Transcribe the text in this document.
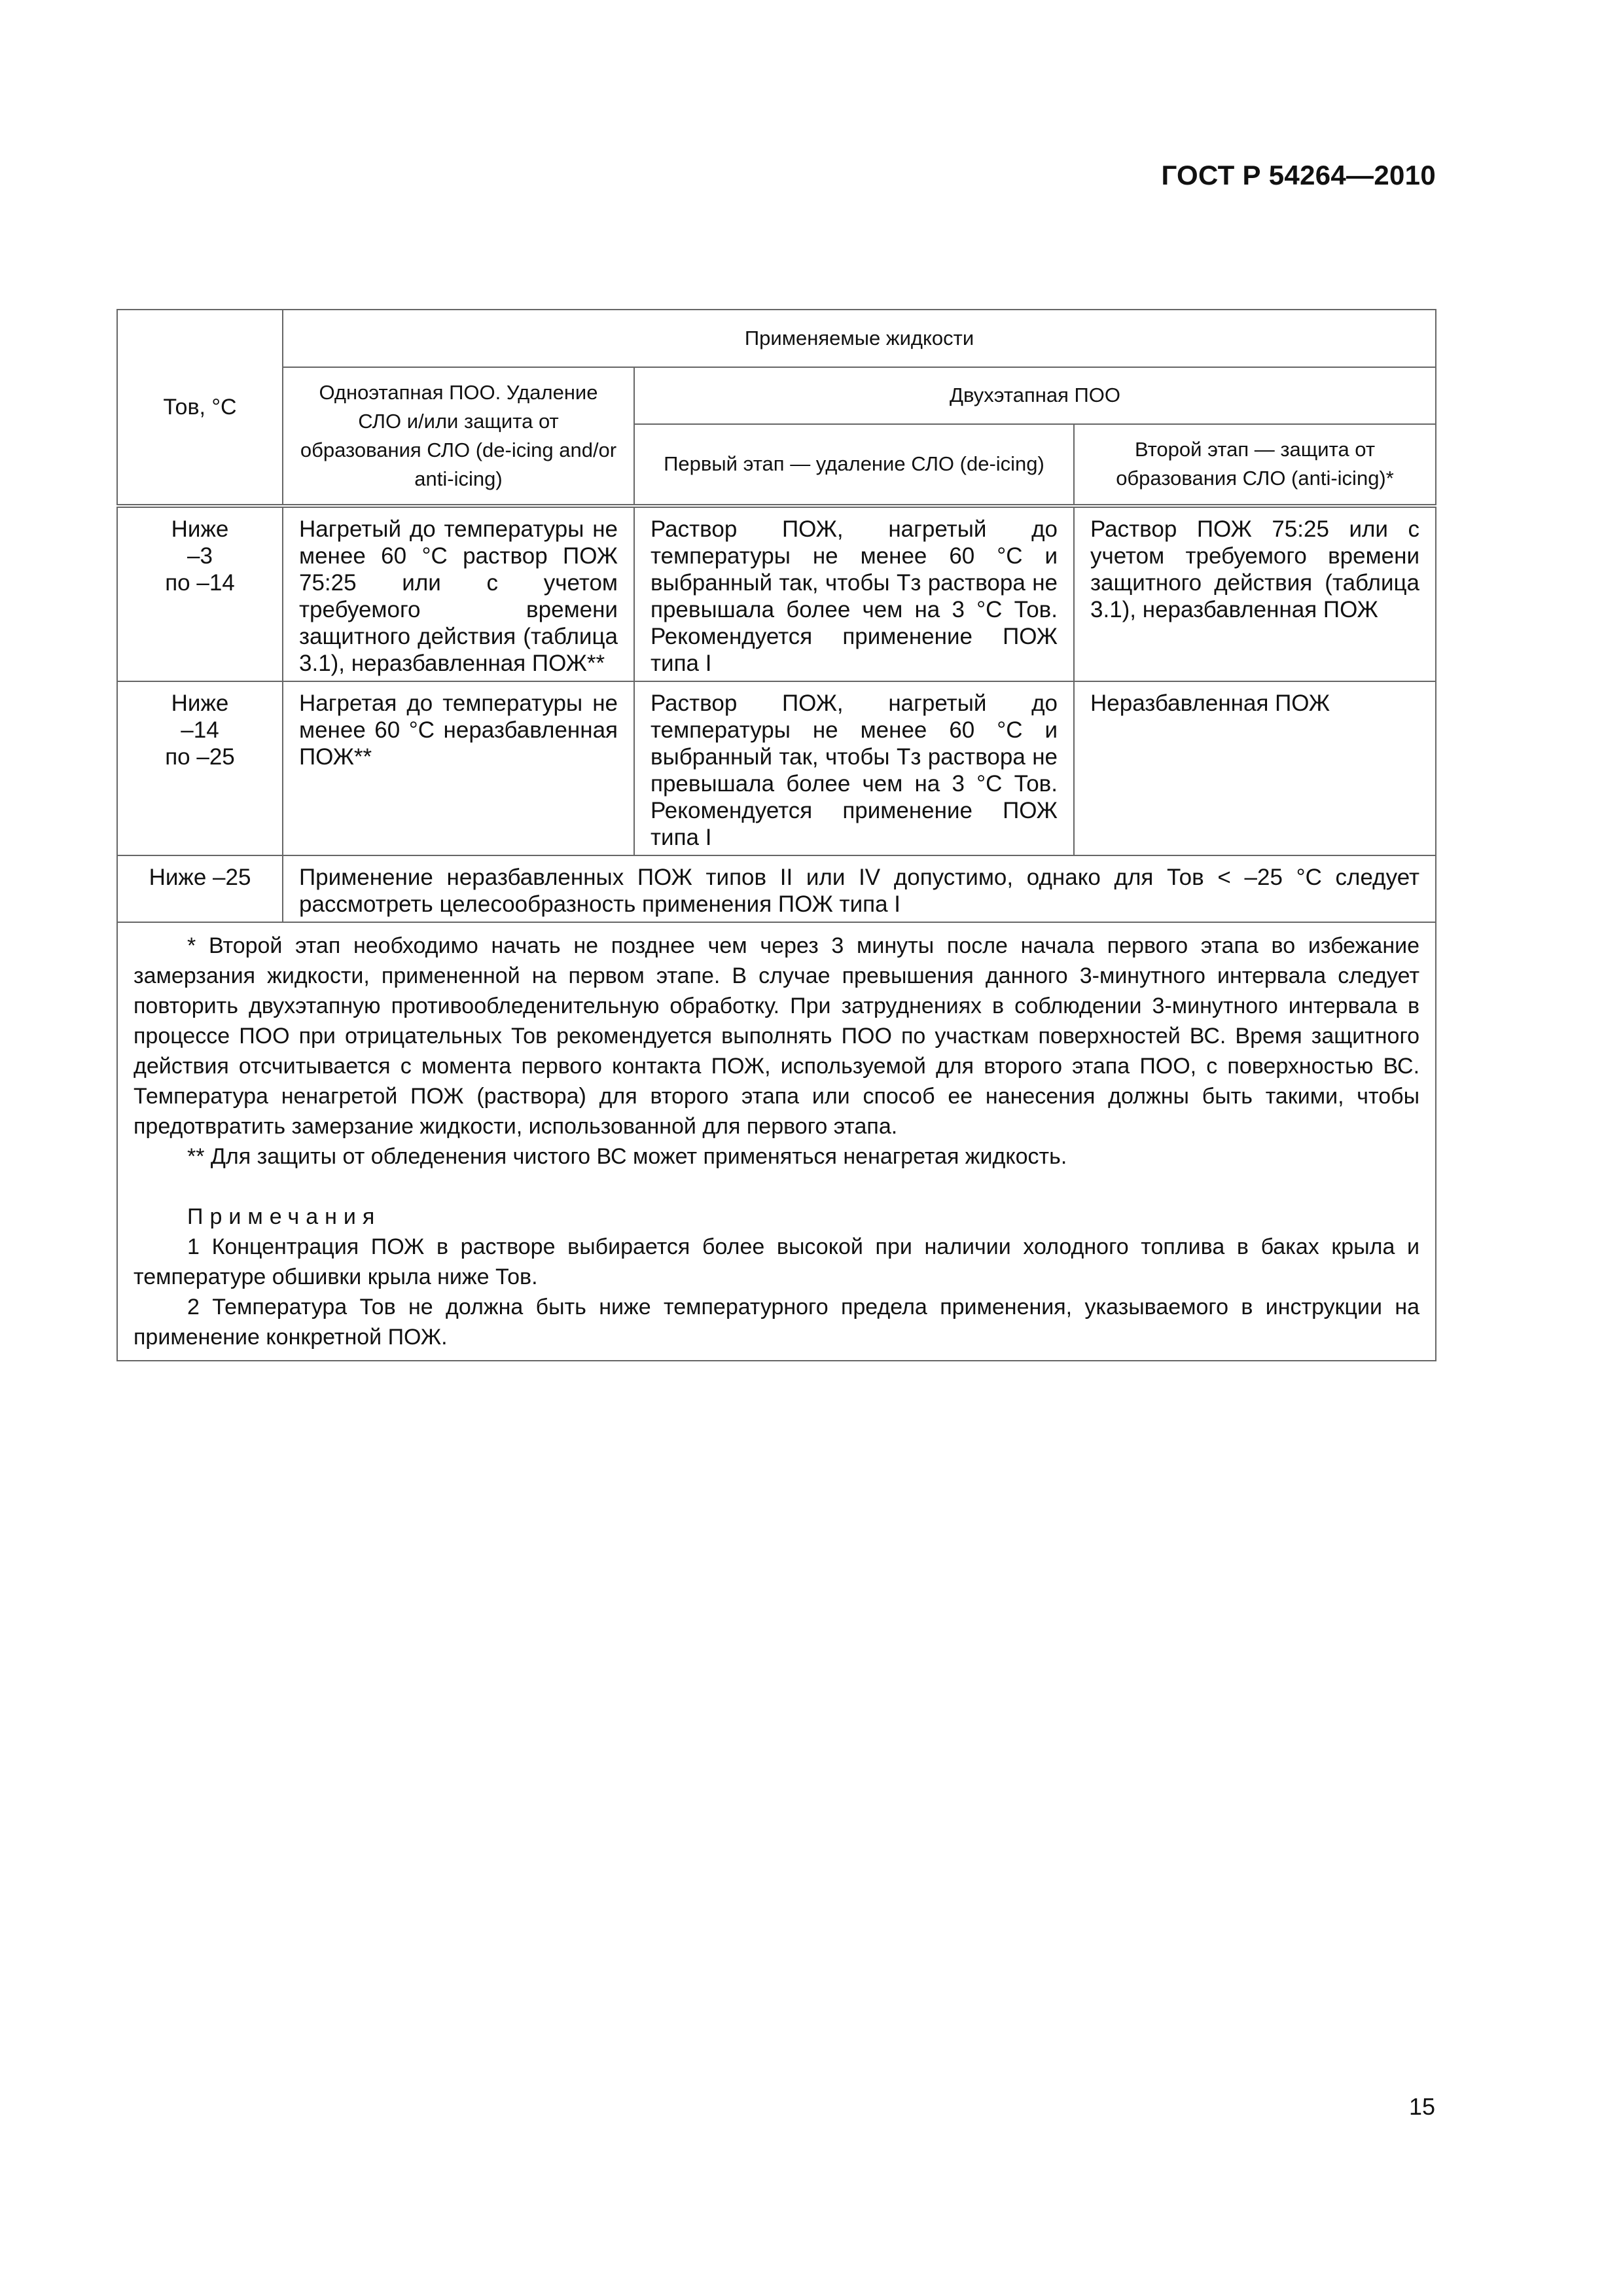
ГОСТ Р 54264—2010
Тов, °С	Применяемые жидкости		
	Одноэтапная ПОО. Удаление СЛО и/или защита от образования СЛО (de-icing and/or anti-icing)	Двухэтапная ПОО	
		Первый этап — удаление СЛО (de-icing)	Второй этап — защита от образования СЛО (anti-icing)*

Ниже
–3
по –14	Нагретый до температуры не менее 60 °С раствор ПОЖ 75:25 или с учетом требуемого времени защитного действия (таблица 3.1), неразбавленная ПОЖ**	Раствор ПОЖ, нагретый до температуры не менее 60 °С и выбранный так, чтобы Тз раствора не превышала более чем на 3 °С Тов. Рекомендуется применение ПОЖ типа I	Раствор ПОЖ 75:25 или с учетом требуемого времени защитного действия (таблица 3.1), неразбавленная ПОЖ

Ниже
–14
по –25	Нагретая до температуры не менее 60 °С неразбавленная ПОЖ**	Раствор ПОЖ, нагретый до температуры не менее 60 °С и выбранный так, чтобы Тз раствора не превышала более чем на 3 °С Тов. Рекомендуется применение ПОЖ типа I	Неразбавленная ПОЖ
Ниже –25	Применение неразбавленных ПОЖ типов II или IV допустимо, однако для Тов < –25 °С следует рассмотреть целесообразность применения ПОЖ типа I		

* Второй этап необходимо начать не позднее чем через 3 минуты после начала первого этапа во избежание замерзания жидкости, примененной на первом этапе. В случае превышения данного 3-минутного интервала следует повторить двухэтапную противообледенительную обработку. При затруднениях в соблюдении 3-минутного интервала в процессе ПОО при отрицательных Тов рекомендуется выполнять ПОО по участкам поверхностей ВС. Время защитного действия отсчитывается с момента первого контакта ПОЖ, используемой для второго этапа ПОО, с поверхностью ВС. Температура ненагретой ПОЖ (раствора) для второго этапа или способ ее нанесения должны быть такими, чтобы предотвратить замерзание жидкости, использованной для первого этапа.

** Для защиты от обледенения чистого ВС может применяться ненагретая жидкость.

Примечания

1 Концентрация ПОЖ в растворе выбирается более высокой при наличии холодного топлива в баках крыла и температуре обшивки крыла ниже Тов.

2 Температура Тов не должна быть ниже температурного предела применения, указываемого в инструкции на применение конкретной ПОЖ.			

15
